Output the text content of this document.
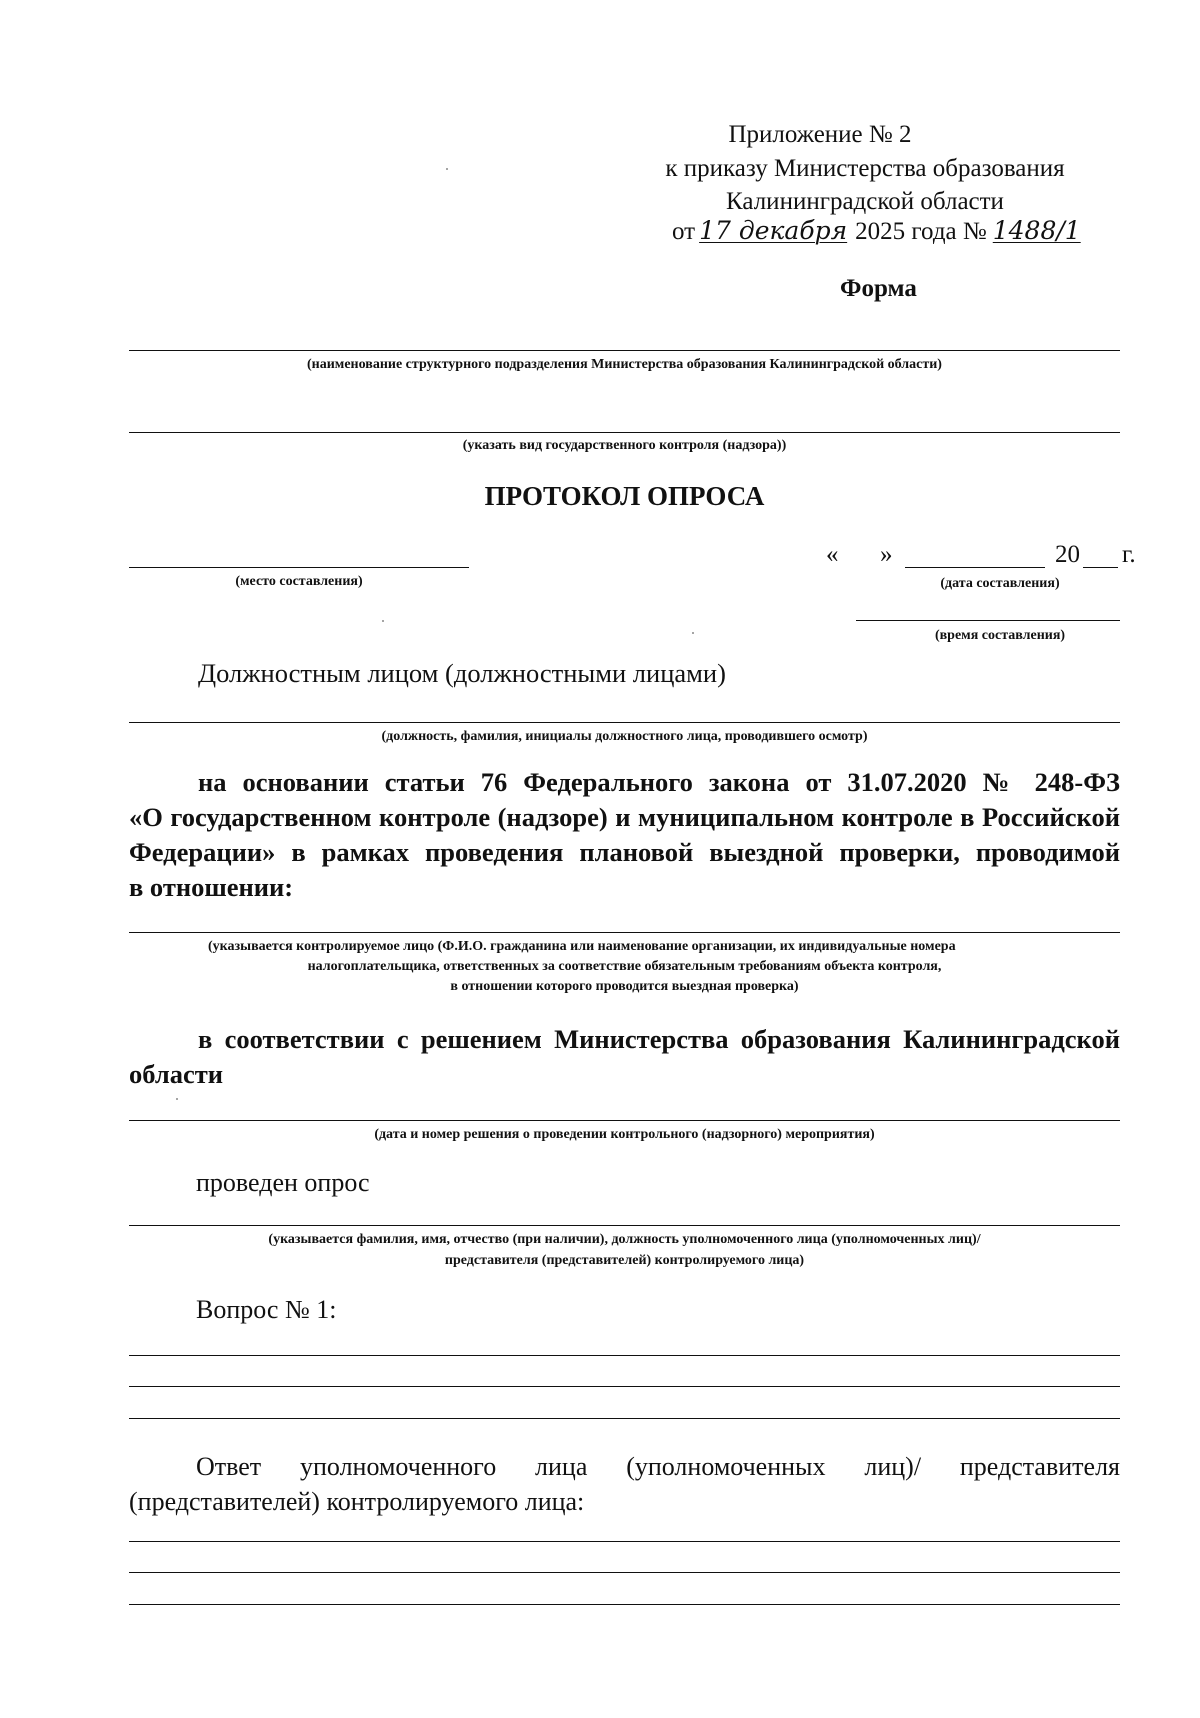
Приложение № 2
к приказу Министерства образования
Калининградской области
от 17 декабря 2025 года № 1488/1
Форма
(наименование структурного подразделения Министерства образования Калининградской области)
(указать вид государственного контроля (надзора))
ПРОТОКОЛ ОПРОСА
(место составления)
« »	20 г.
(дата составления)
(время составления)
Должностным лицом (должностными лицами)
(должность, фамилия, инициалы должностного лица, проводившего осмотр)
на основании статьи 76 Федерального закона от 31.07.2020 № 248-ФЗ
«О государственном контроле (надзоре) и муниципальном контроле в Российской
Федерации» в рамках проведения плановой выездной проверки, проводимой
в отношении:
(указывается контролируемое лицо (Ф.И.О. гражданина или наименование организации, их индивидуальные номера
налогоплательщика, ответственных за соответствие обязательным требованиям объекта контроля,
в отношении которого проводится выездная проверка)
в соответствии с решением Министерства образования Калининградской
области
(дата и номер решения о проведении контрольного (надзорного) мероприятия)
проведен опрос
(указывается фамилия, имя, отчество (при наличии), должность уполномоченного лица (уполномоченных лиц)/
представителя (представителей) контролируемого лица)
Вопрос № 1:
Ответ уполномоченного лица (уполномоченных лиц)/ представителя
(представителей) контролируемого лица:
